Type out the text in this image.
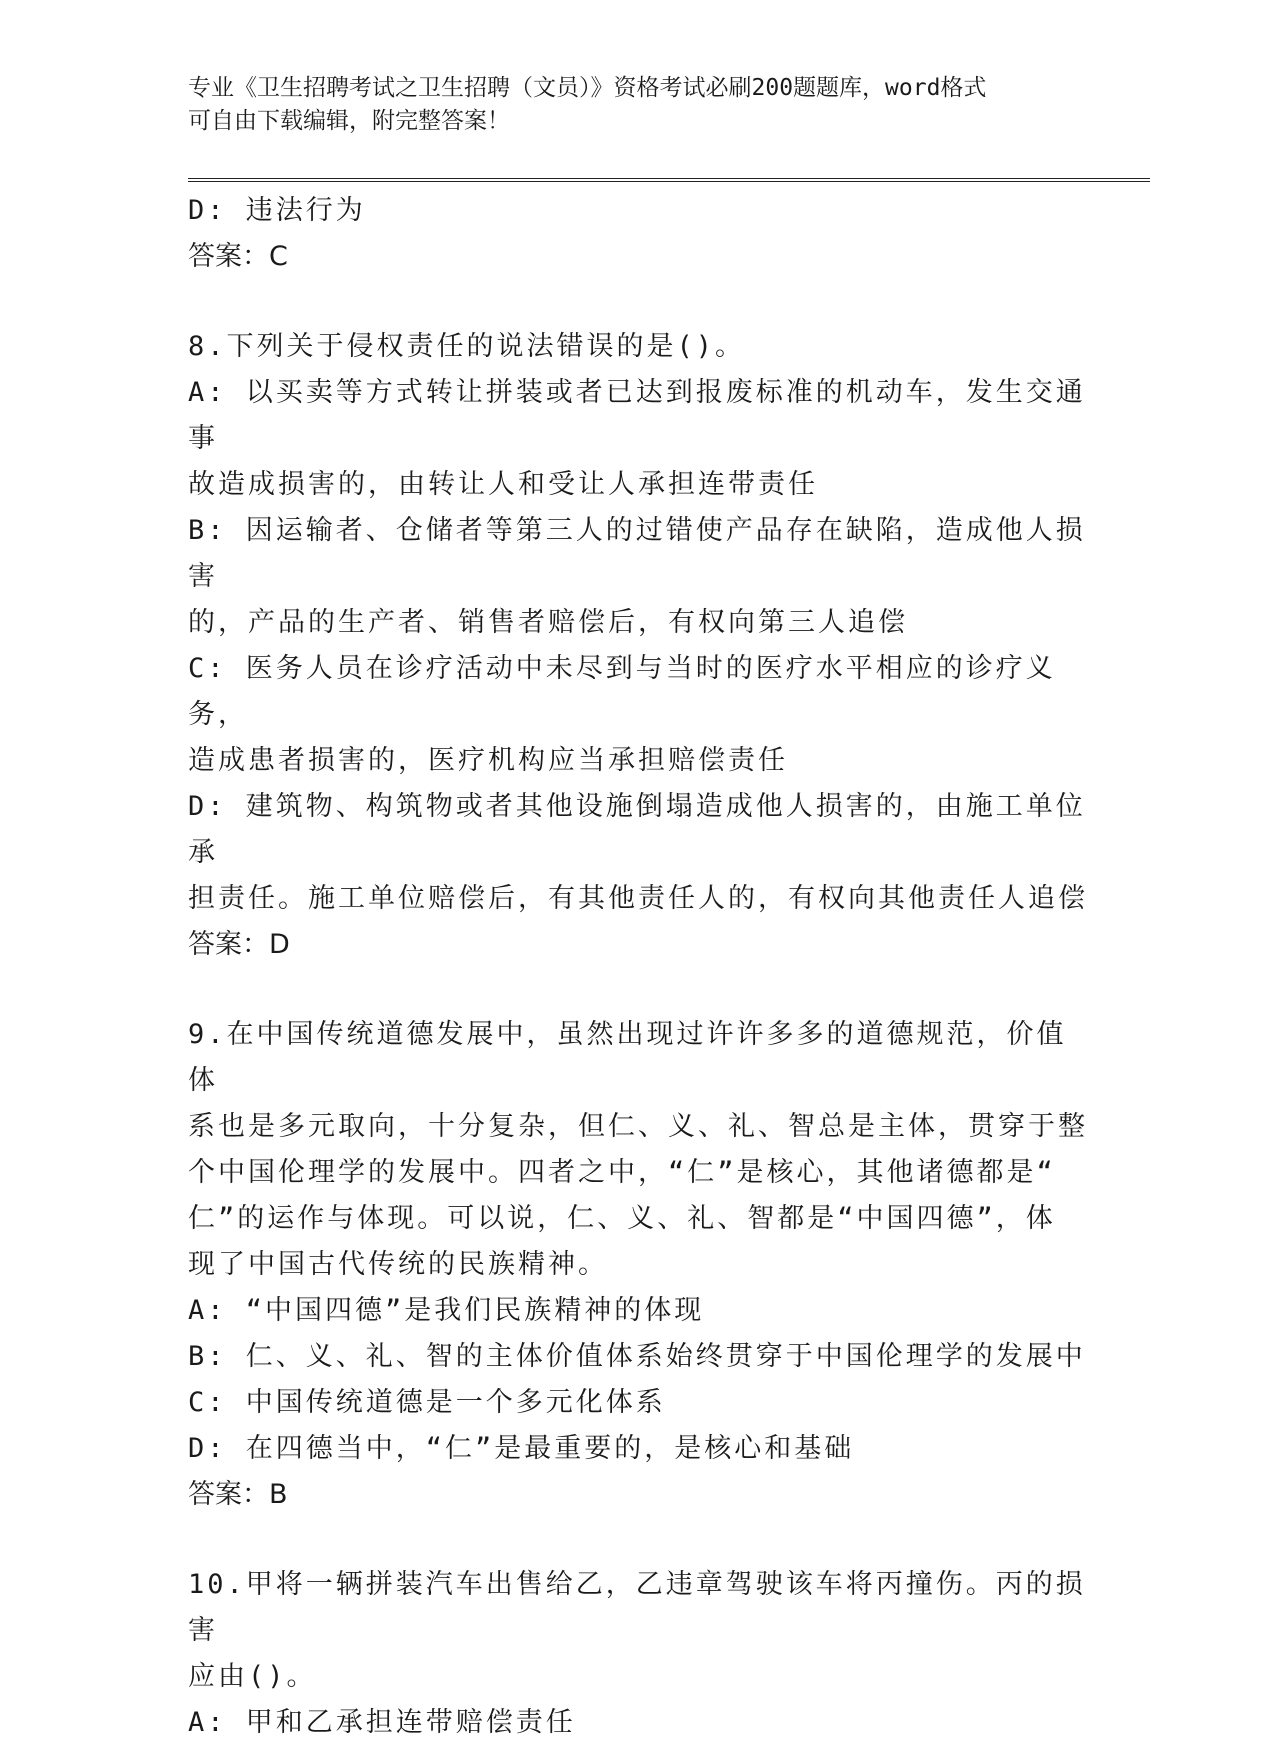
专业《卫生招聘考试之卫生招聘（文员）》资格考试必刷200题题库，word格式
可自由下载编辑，附完整答案！
D: 违法行为
答案：C
8.下列关于侵权责任的说法错误的是()。
A: 以买卖等方式转让拼装或者已达到报废标准的机动车，发生交通事
故造成损害的，由转让人和受让人承担连带责任
B: 因运输者、仓储者等第三人的过错使产品存在缺陷，造成他人损害
的，产品的生产者、销售者赔偿后，有权向第三人追偿
C: 医务人员在诊疗活动中未尽到与当时的医疗水平相应的诊疗义务，
造成患者损害的，医疗机构应当承担赔偿责任
D: 建筑物、构筑物或者其他设施倒塌造成他人损害的，由施工单位承
担责任。施工单位赔偿后，有其他责任人的，有权向其他责任人追偿
答案：D
9.在中国传统道德发展中，虽然出现过许许多多的道德规范，价值体
系也是多元取向，十分复杂，但仁、义、礼、智总是主体，贯穿于整
个中国伦理学的发展中。四者之中，“仁”是核心，其他诸德都是“
仁”的运作与体现。可以说，仁、义、礼、智都是“中国四德”，体
现了中国古代传统的民族精神。
A: “中国四德”是我们民族精神的体现
B: 仁、义、礼、智的主体价值体系始终贯穿于中国伦理学的发展中
C: 中国传统道德是一个多元化体系
D: 在四德当中，“仁”是最重要的，是核心和基础
答案：B
10.甲将一辆拼装汽车出售给乙，乙违章驾驶该车将丙撞伤。丙的损害
应由()。
A: 甲和乙承担连带赔偿责任
